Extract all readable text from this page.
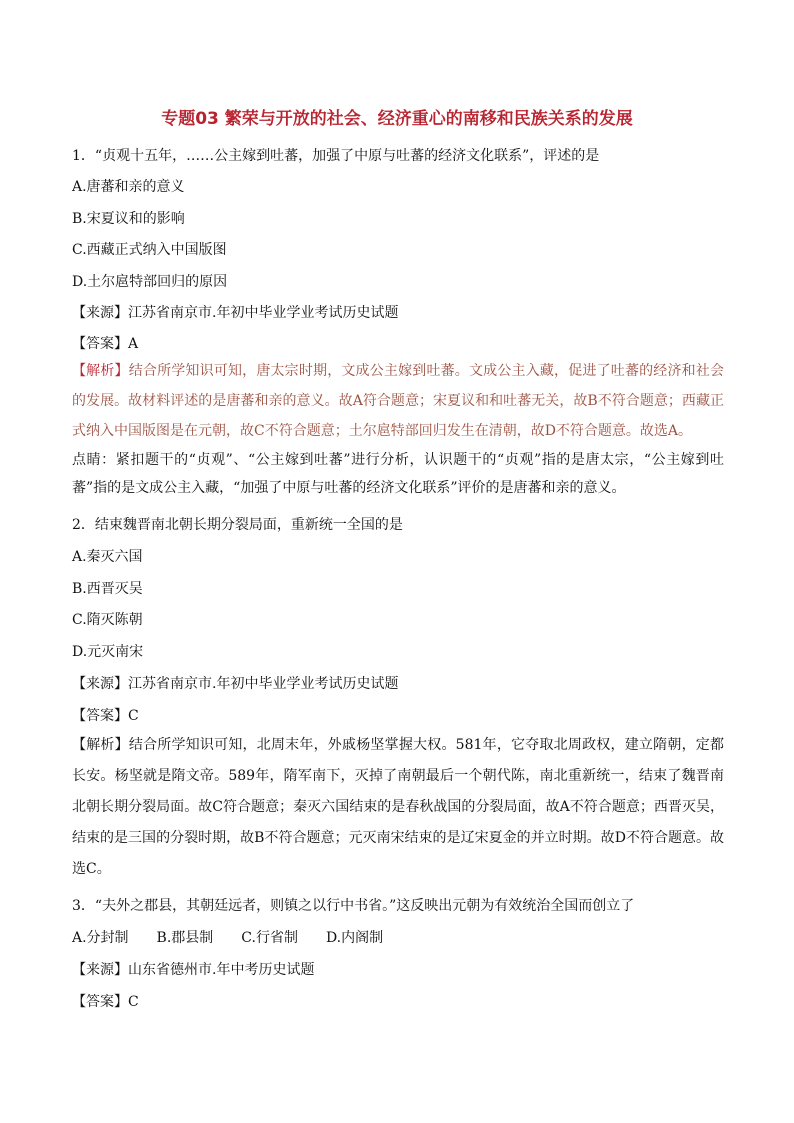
专题03 繁荣与开放的社会、经济重心的南移和民族关系的发展
1．“贞观十五年，……公主嫁到吐蕃，加强了中原与吐蕃的经济文化联系”，评述的是
A.唐蕃和亲的意义
B.宋夏议和的影响
C.西藏正式纳入中国版图
D.土尔扈特部回归的原因
【来源】江苏省南京市.年初中毕业学业考试历史试题
【答案】A
【解析】结合所学知识可知，唐太宗时期，文成公主嫁到吐蕃。文成公主入藏，促进了吐蕃的经济和社会的发展。故材料评述的是唐蕃和亲的意义。故A符合题意；宋夏议和和吐蕃无关，故B不符合题意；西藏正式纳入中国版图是在元朝，故C不符合题意；土尔扈特部回归发生在清朝，故D不符合题意。故选A。
点睛：紧扣题干的“贞观”、“公主嫁到吐蕃”进行分析，认识题干的“贞观”指的是唐太宗，“公主嫁到吐蕃”指的是文成公主入藏，“加强了中原与吐蕃的经济文化联系”评价的是唐蕃和亲的意义。
2．结束魏晋南北朝长期分裂局面，重新统一全国的是
A.秦灭六国
B.西晋灭吴
C.隋灭陈朝
D.元灭南宋
【来源】江苏省南京市.年初中毕业学业考试历史试题
【答案】C
【解析】结合所学知识可知，北周末年，外戚杨坚掌握大权。581年，它夺取北周政权，建立隋朝，定都长安。杨坚就是隋文帝。589年，隋军南下，灭掉了南朝最后一个朝代陈，南北重新统一，结束了魏晋南北朝长期分裂局面。故C符合题意；秦灭六国结束的是春秋战国的分裂局面，故A不符合题意；西晋灭吴，结束的是三国的分裂时期，故B不符合题意；元灭南宋结束的是辽宋夏金的并立时期。故D不符合题意。故选C。
3．“夫外之郡县，其朝廷远者，则镇之以行中书省。”这反映出元朝为有效统治全国而创立了
A.分封制　　B.郡县制　　C.行省制　　D.内阁制
【来源】山东省德州市.年中考历史试题
【答案】C
